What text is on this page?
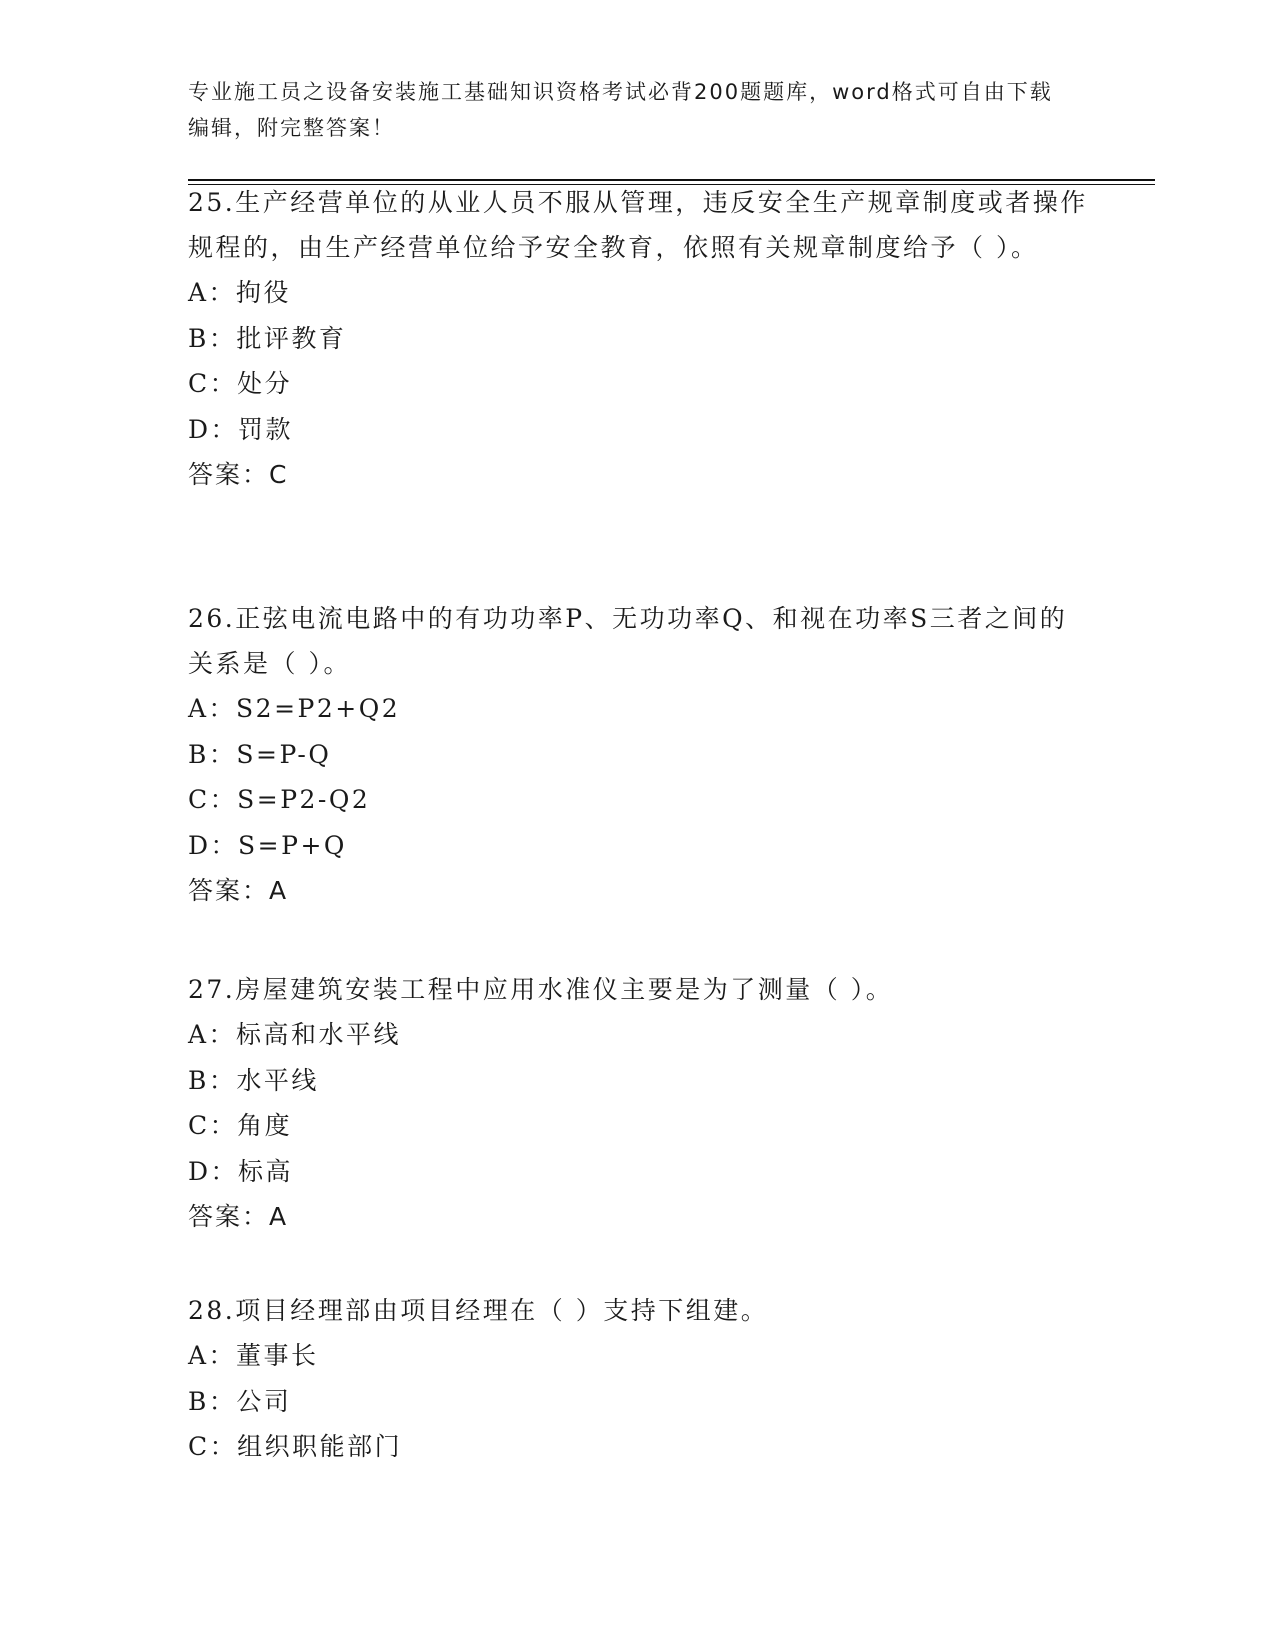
专业施工员之设备安装施工基础知识资格考试必背200题题库，word格式可自由下载编辑，附完整答案！

25.生产经营单位的从业人员不服从管理，违反安全生产规章制度或者操作规程的，由生产经营单位给予安全教育，依照有关规章制度给予（ ）。

A：拘役

B：批评教育

C：处分

D：罚款

答案：C

26.正弦电流电路中的有功功率P、无功功率Q、和视在功率S三者之间的关系是（ ）。

A：S2=P2+Q2

B：S=P-Q

C：S=P2-Q2

D：S=P+Q

答案：A

27.房屋建筑安装工程中应用水准仪主要是为了测量（ ）。

A：标高和水平线

B：水平线

C：角度

D：标高

答案：A

28.项目经理部由项目经理在（ ）支持下组建。

A：董事长

B：公司

C：组织职能部门
